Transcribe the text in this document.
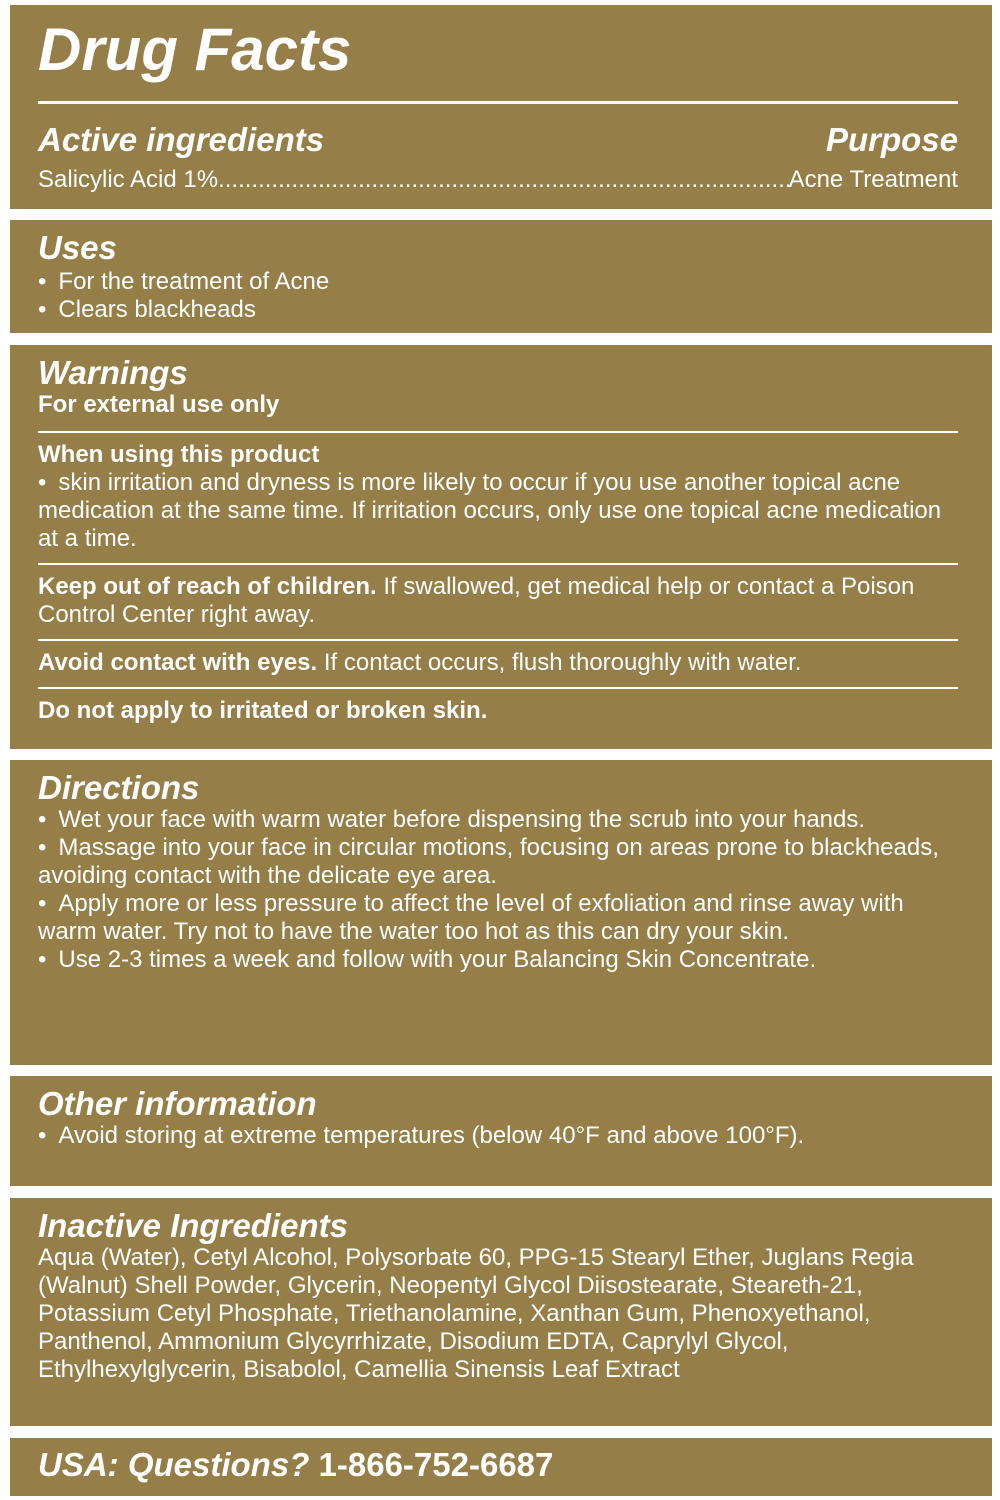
Drug Facts
Active ingredients	Purpose
Salicylic Acid 1%
.....	Acne Treatment
Uses
• For the treatment of Acne
• Clears blackheads
Warnings

For external use only

When using this product

• skin irritation and dryness is more likely to occur if you use another topical acne medication at the same time. If irritation occurs, only use one topical acne medication at a time.

Keep out of reach of children. If swallowed, get medical help or contact a Poison Control Center right away.

Avoid contact with eyes. If contact occurs, flush thoroughly with water.

Do not apply to irritated or broken skin.

Directions
• Wet your face with warm water before dispensing the scrub into your hands.
• Massage into your face in circular motions, focusing on areas prone to blackheads, avoiding contact with the delicate eye area.
• Apply more or less pressure to affect the level of exfoliation and rinse away with warm water. Try not to have the water too hot as this can dry your skin.
• Use 2-3 times a week and follow with your Balancing Skin Concentrate.
Other information
• Avoid storing at extreme temperatures (below 40°F and above 100°F).
Inactive Ingredients

Aqua (Water), Cetyl Alcohol, Polysorbate 60, PPG-15 Stearyl Ether, Juglans Regia (Walnut) Shell Powder, Glycerin, Neopentyl Glycol Diisostearate, Steareth-21, Potassium Cetyl Phosphate, Triethanolamine, Xanthan Gum, Phenoxyethanol, Panthenol, Ammonium Glycyrrhizate, Disodium EDTA, Caprylyl Glycol, Ethylhexylglycerin, Bisabolol, Camellia Sinensis Leaf Extract

USA: Questions? 1-866-752-6687
